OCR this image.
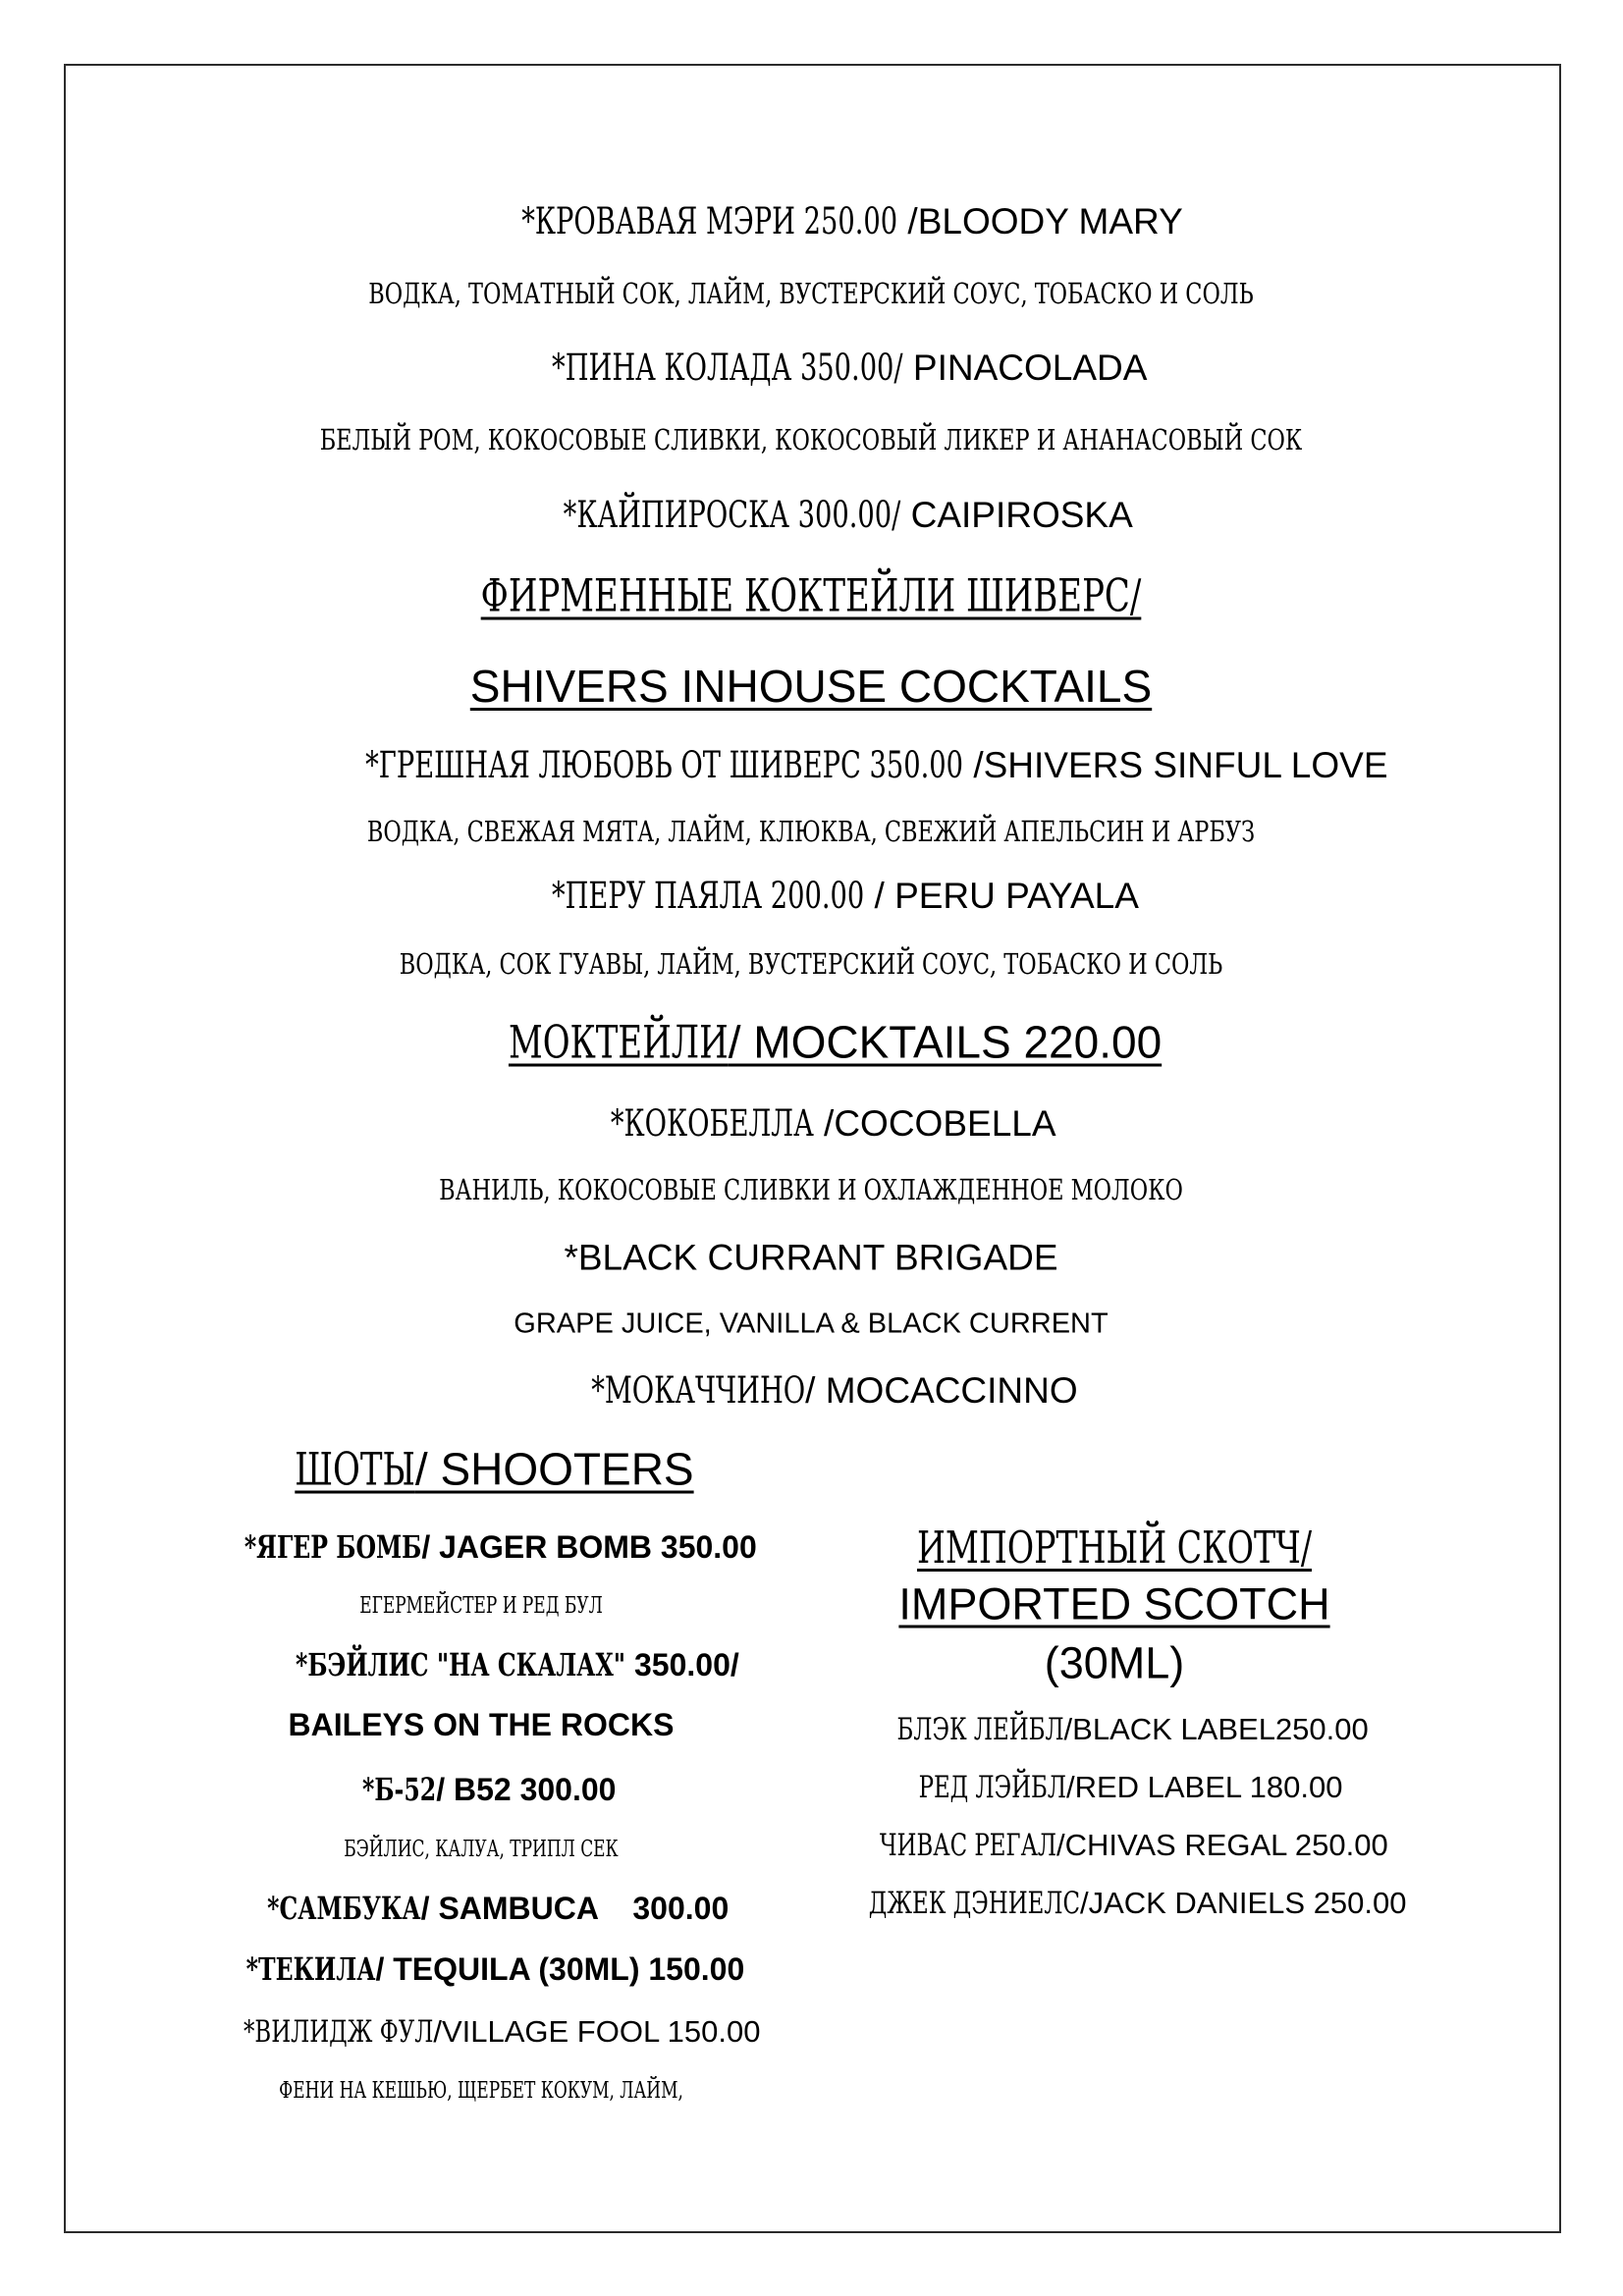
*КРОВАВАЯ МЭРИ 250.00 /BLOODY MARY
ВОДКА, ТОМАТНЫЙ СОК, ЛАЙМ, ВУСТЕРСКИЙ СОУС, ТОБАСКО И СОЛЬ
*ПИНА КОЛАДА 350.00/ PINACOLADA
БЕЛЫЙ РОМ, КОКОСОВЫЕ СЛИВКИ, КОКОСОВЫЙ ЛИКЕР И АНАНАСОВЫЙ СОК
*КАЙПИРОСКА 300.00/ CAIPIROSKA
ФИРМЕННЫЕ КОКТЕЙЛИ ШИВЕРС/
SHIVERS INHOUSE COCKTAILS
*ГРЕШНАЯ ЛЮБОВЬ ОТ ШИВЕРС 350.00 /SHIVERS SINFUL LOVE
ВОДКА, СВЕЖАЯ МЯТА, ЛАЙМ, КЛЮКВА, СВЕЖИЙ АПЕЛЬСИН И АРБУЗ
*ПЕРУ ПАЯЛА 200.00 / PERU PAYALA
ВОДКА, СОК ГУАВЫ, ЛАЙМ, ВУСТЕРСКИЙ СОУС, ТОБАСКО И СОЛЬ
МОКТЕЙЛИ/ MOCKTAILS 220.00
*КОКОБЕЛЛА /COCOBELLA
ВАНИЛЬ, КОКОСОВЫЕ СЛИВКИ И ОХЛАЖДЕННОЕ МОЛОКО
*BLACK CURRANT BRIGADE
GRAPE JUICE, VANILLA & BLACK CURRENT
*МОКАЧЧИНО/ MOCACCINNO
ШОТЫ/ SHOOTERS
*ЯГЕР БОМБ/ JAGER BOMB 350.00
ЕГЕРМЕЙСТЕР И РЕД БУЛ
*БЭЙЛИС "НА СКАЛАХ" 350.00/
BAILEYS ON THE ROCKS
*Б-52/ B52 300.00
БЭЙЛИС, КАЛУА, ТРИПЛ СЕК
*САМБУКА/ SAMBUCA    300.00
*ТЕКИЛА/ TEQUILA (30ML) 150.00
*ВИЛИДЖ ФУЛ/VILLAGE FOOL 150.00
ФЕНИ НА КЕШЬЮ, ЩЕРБЕТ КОКУМ, ЛАЙМ,
ИМПОРТНЫЙ СКОТЧ/
IMPORTED SCOTCH
(30ML)
БЛЭК ЛЕЙБЛ/BLACK LABEL250.00
РЕД ЛЭЙБЛ/RED LABEL 180.00
ЧИВАС РЕГАЛ/CHIVAS REGAL 250.00
ДЖЕК ДЭНИЕЛС/JACK DANIELS 250.00
